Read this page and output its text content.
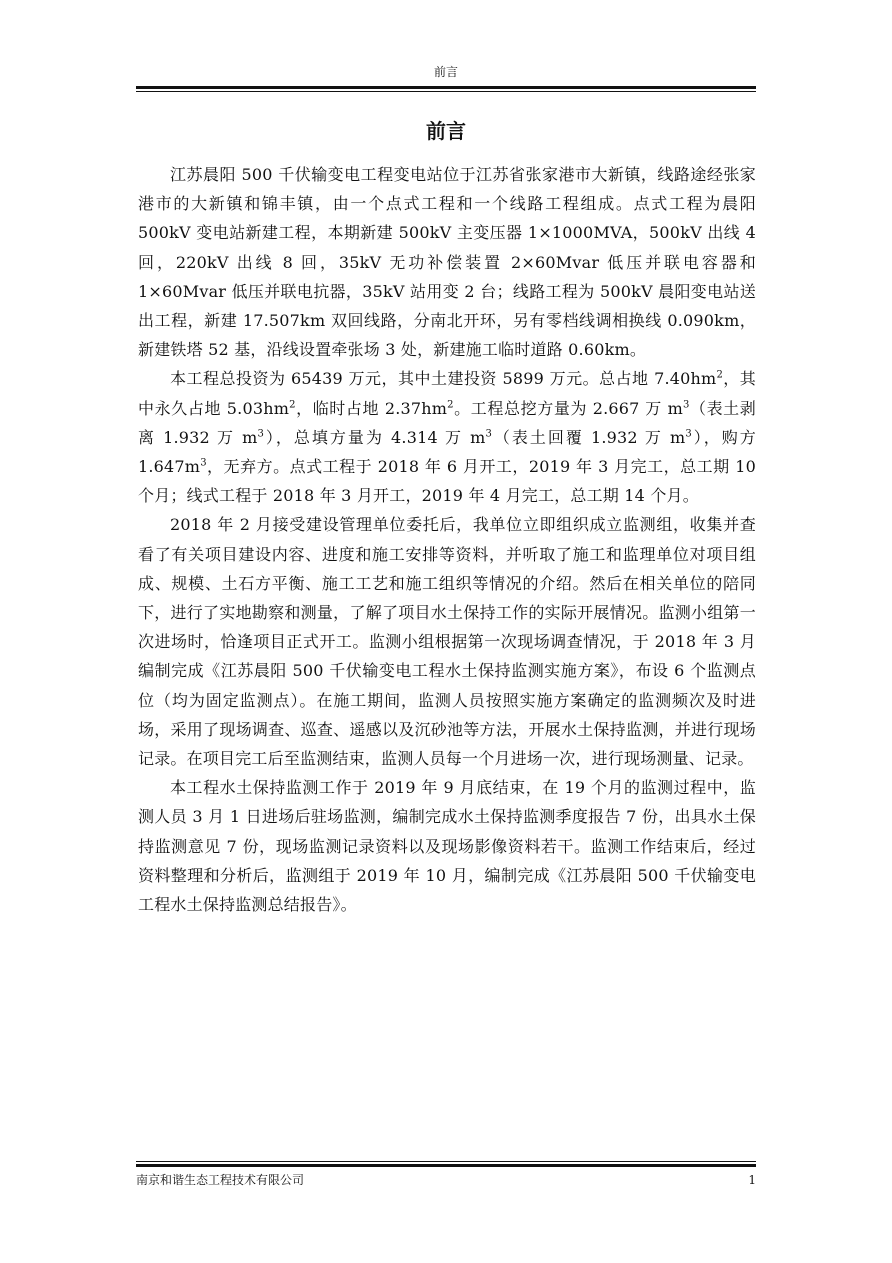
前言
前言

江苏晨阳 500 千伏输变电工程变电站位于江苏省张家港市大新镇，线路途经张家港市的大新镇和锦丰镇，由一个点式工程和一个线路工程组成。点式工程为晨阳 500kV 变电站新建工程，本期新建 500kV 主变压器 1×1000MVA，500kV 出线 4 回，220kV 出线 8 回，35kV 无功补偿装置 2×60Mvar 低压并联电容器和 1×60Mvar 低压并联电抗器，35kV 站用变 2 台；线路工程为 500kV 晨阳变电站送出工程，新建 17.507km 双回线路，分南北开环，另有零档线调相换线 0.090km，新建铁塔 52 基，沿线设置牵张场 3 处，新建施工临时道路 0.60km。

本工程总投资为 65439 万元，其中土建投资 5899 万元。总占地 $7.40hm^2$，其中永久占地 $5.03hm^2$，临时占地 $2.37hm^2$。工程总挖方量为 2.667 万 $m^3$（表土剥离 1.932 万 $m^3$），总填方量为 4.314 万 $m^3$（表土回覆 1.932 万 $m^3$），购方 $1.647m^3$，无弃方。点式工程于 2018 年 6 月开工，2019 年 3 月完工，总工期 10 个月；线式工程于 2018 年 3 月开工，2019 年 4 月完工，总工期 14 个月。

2018 年 2 月接受建设管理单位委托后，我单位立即组织成立监测组，收集并查看了有关项目建设内容、进度和施工安排等资料，并听取了施工和监理单位对项目组成、规模、土石方平衡、施工工艺和施工组织等情况的介绍。然后在相关单位的陪同下，进行了实地勘察和测量，了解了项目水土保持工作的实际开展情况。监测小组第一次进场时，恰逢项目正式开工。监测小组根据第一次现场调查情况，于 2018 年 3 月编制完成《江苏晨阳 500 千伏输变电工程水土保持监测实施方案》，布设 6 个监测点位（均为固定监测点）。在施工期间，监测人员按照实施方案确定的监测频次及时进场，采用了现场调查、巡查、遥感以及沉砂池等方法，开展水土保持监测，并进行现场记录。在项目完工后至监测结束，监测人员每一个月进场一次，进行现场测量、记录。

本工程水土保持监测工作于 2019 年 9 月底结束，在 19 个月的监测过程中，监测人员 3 月 1 日进场后驻场监测，编制完成水土保持监测季度报告 7 份，出具水土保持监测意见 7 份，现场监测记录资料以及现场影像资料若干。监测工作结束后，经过资料整理和分析后，监测组于 2019 年 10 月，编制完成《江苏晨阳 500 千伏输变电工程水土保持监测总结报告》。

南京和谐生态工程技术有限公司	1
